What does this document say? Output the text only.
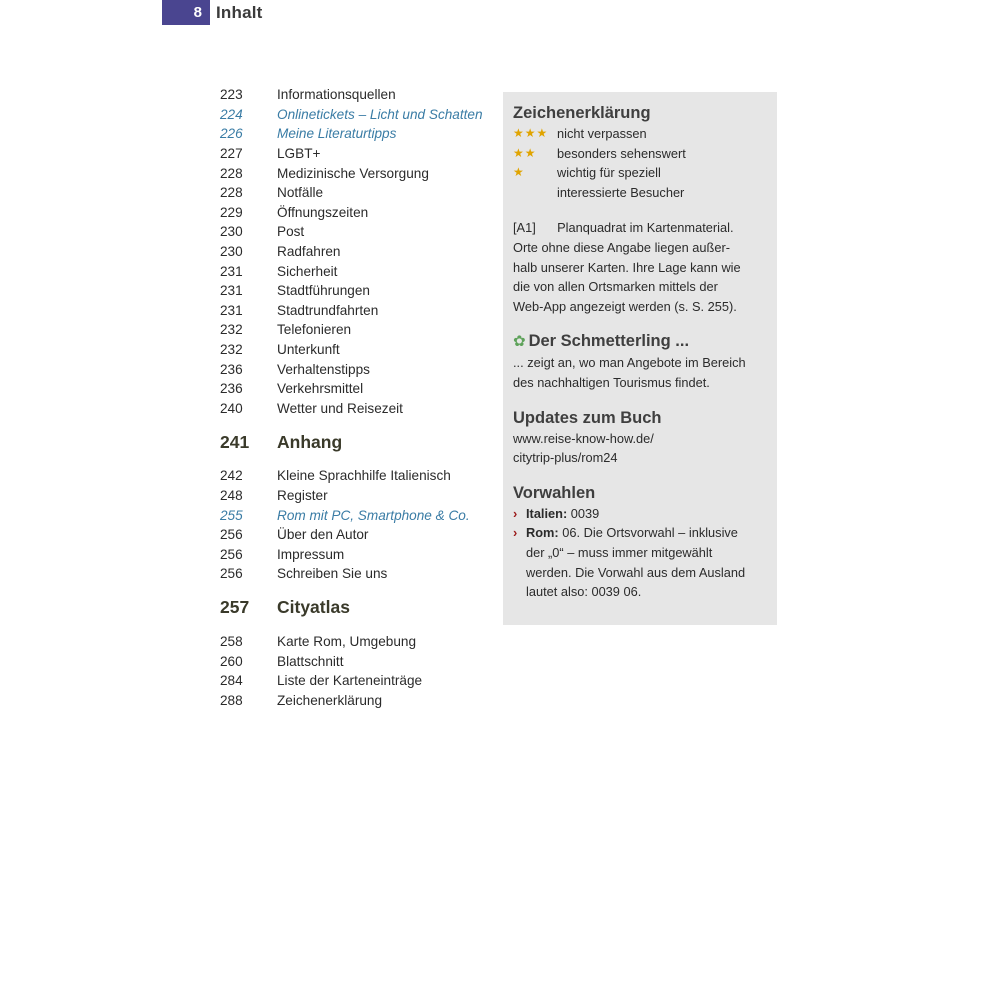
8 Inhalt
223	Informationsquellen
224	Onlinetickets – Licht und Schatten
226	Meine Literaturtipps
227	LGBT+
228	Medizinische Versorgung
228	Notfälle
229	Öffnungszeiten
230	Post
230	Radfahren
231	Sicherheit
231	Stadtführungen
231	Stadtrundfahrten
232	Telefonieren
232	Unterkunft
236	Verhaltenstipps
236	Verkehrsmittel
240	Wetter und Reisezeit
241	Anhang
242	Kleine Sprachhilfe Italienisch
248	Register
255	Rom mit PC, Smartphone & Co.
256	Über den Autor
256	Impressum
256	Schreiben Sie uns
257	Cityatlas
258	Karte Rom, Umgebung
260	Blattschnitt
284	Liste der Karteneinträge
288	Zeichenerklärung
Zeichenerklärung
★★★ nicht verpassen
★★	besonders sehenswert
★	wichtig für speziell
interessierte Besucher
[A1]      Planquadrat im Kartenmaterial.
Orte ohne diese Angabe liegen außer-
halb unserer Karten. Ihre Lage kann wie
die von allen Ortsmarken mittels der
Web-App angezeigt werden (s. S. 255).
✿ Der Schmetterling ...
... zeigt an, wo man Angebote im Bereich
des nachhaltigen Tourismus findet.
Updates zum Buch
www.reise-know-how.de/
citytrip-plus/rom24
Vorwahlen
› Italien: 0039
› Rom: 06. Die Ortsvorwahl – inklusive
der „0“ – muss immer mitgewählt
werden. Die Vorwahl aus dem Ausland
lautet also: 0039 06.
